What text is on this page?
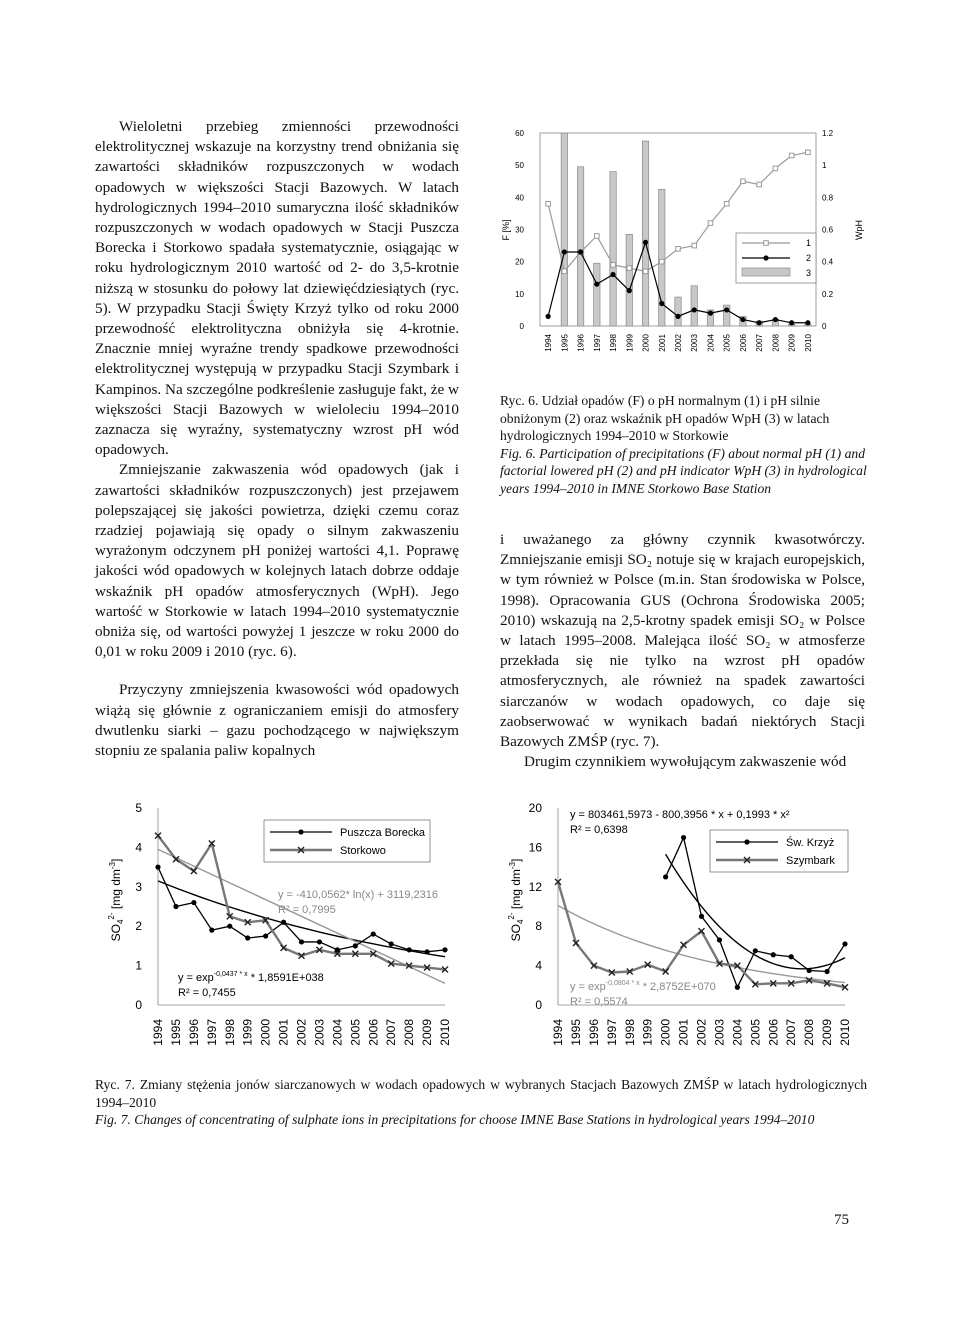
Wieloletni przebieg zmienności przewodności elektrolitycznej wskazuje na korzystny trend obniżania się zawartości składników rozpuszczonych w wodach opadowych w większości Stacji Bazowych. W latach hydrologicznych 1994–2010 sumaryczna ilość składników rozpuszczonych w wodach opadowych w Stacji Puszcza Borecka i Storkowo spadała systematycznie, osiągając w roku hydrologicznym 2010 wartość od 2- do 3,5-krotnie niższą w stosunku do połowy lat dziewięćdziesiątych (ryc. 5). W przypadku Stacji Święty Krzyż tylko od roku 2000 przewodność elektrolityczna obniżyła się 4-krotnie. Znacznie mniej wyraźne trendy spadkowe przewodności elektrolitycznej występują w przypadku Stacji Szymbark i Kampinos. Na szczególne podkreślenie zasługuje fakt, że w większości Stacji Bazowych w wieloleciu 1994–2010 zaznacza się wyraźny, systematyczny wzrost pH wód opadowych.

Zmniejszanie zakwaszenia wód opadowych (jak i zawartości składników rozpuszczonych) jest przejawem polepszającej się jakości powietrza, dzięki czemu coraz rzadziej pojawiają się opady o silnym zakwaszeniu wyrażonym odczynem pH poniżej wartości 4,1. Poprawę jakości wód opadowych w kolejnych latach dobrze oddaje wskaźnik pH opadów atmosferycznych (WpH). Jego wartość w Storkowie w latach 1994–2010 systematycznie obniża się, od wartości powyżej 1 jeszcze w roku 2000 do 0,01 w roku 2009 i 2010 (ryc. 6).

Przyczyny zmniejszenia kwasowości wód opadowych wiążą się głównie z ograniczaniem emisji do atmosfery dwutlenku siarki – gazu pochodzącego w największym stopniu ze spalania paliw kopalnych

0
10
20
30
40
50
60
0
0.2
0.4
0.6
0.8
1
1.2
F [%]	WpH
1994 1995 1996 1997 1998 1999 2000 2001 2002 2003 2004 2005 2006 2007 2008 2009 2010
1
2
3

Ryc. 6. Udział opadów (F) o pH normalnym (1) i pH silnie obniżonym (2) oraz wskaźnik pH opadów WpH (3) w latach hydrologicznych 1994–2010 w Storkowie

Fig. 6. Participation of precipitations (F) about normal pH (1) and factorial lowered pH (2) and pH indicator WpH (3) in hydrological years 1994–2010 in IMNE Storkowo Base Station

i uważanego za główny czynnik kwasotwórczy. Zmniejszanie emisji SO₂ notuje się w krajach europejskich, w tym również w Polsce (m.in. Stan środowiska w Polsce, 1998). Opracowania GUS (Ochrona Środowiska 2005; 2010) wskazują na 2,5-krotny spadek emisji SO₂ w Polsce w latach 1995–2008. Malejąca ilość SO₂ w atmosferze przekłada się nie tylko na wzrost pH opadów atmosferycznych, ale również na spadek zawartości siarczanów w wodach opadowych, co daje się zaobserwować w wynikach badań niektórych Stacji Bazowych ZMŚP (ryc. 7).

Drugim czynnikiem wywołującym zakwaszenie wód

0
1
2
3
4
5
$SO_4^{2-}$ [mg $dm^{-3}$]
1994 1995 1996 1997 1998 1999 2000 2001 2002 2003 2004 2005 2006 2007 2008 2009 2010
Puszcza Borecka
Storkowo
y = -410,0562* ln(x) + 3119,2316
R² = 0,7995
$y = \exp^{-0,0437 * x} * 1,8591E+038$
R² = 0,7455
0
4
8
12
16
20
$SO_4^{2-}$ [mg $dm^{-3}$]
1994 1995 1996 1997 1998 1999 2000 2001 2002 2003 2004 2005 2006 2007 2008 2009 2010
Św. Krzyż
Szymbark
y = 803461,5973 - 800,3956 * x + 0,1993 * x²
R² = 0,6398
$y = \exp^{-0,0804 * x} * 2,8752E+070$
R² = 0,5574

Ryc. 7. Zmiany stężenia jonów siarczanowych w wodach opadowych w wybranych Stacjach Bazowych ZMŚP w latach hydrologicznych 1994–2010

Fig. 7. Changes of concentrating of sulphate ions in precipitations for choose IMNE Base Stations in hydrological years 1994–2010

75
